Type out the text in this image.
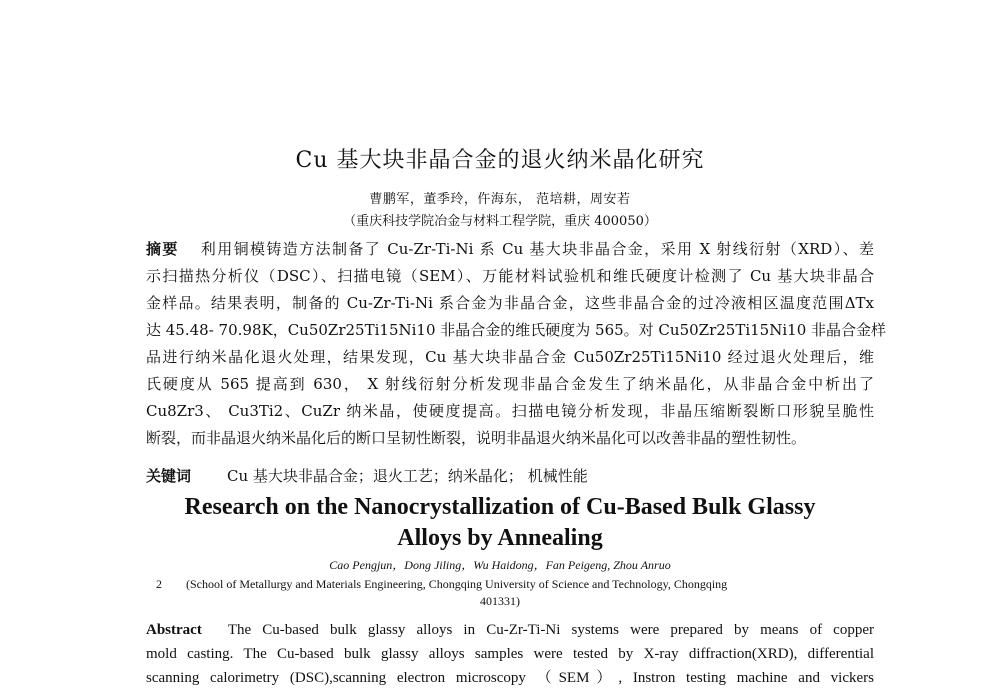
Cu 基大块非晶合金的退火纳米晶化研究
曹鹏军，董季玲，仵海东， 范培耕，周安若
（重庆科技学院冶金与材料工程学院，重庆 400050）
摘要 利用铜模铸造方法制备了 Cu-Zr-Ti-Ni 系 Cu 基大块非晶合金，采用 X 射线衍射（XRD）、差
示扫描热分析仪（DSC）、扫描电镜（SEM）、万能材料试验机和维氏硬度计检测了 Cu 基大块非晶合
金样品。结果表明，制备的 Cu-Zr-Ti-Ni 系合金为非晶合金，这些非晶合金的过冷液相区温度范围ΔTx
达 45.48- 70.98K，Cu50Zr25Ti15Ni10 非晶合金的维氏硬度为 565。对 Cu50Zr25Ti15Ni10 非晶合金样
品进行纳米晶化退火处理，结果发现，Cu 基大块非晶合金 Cu50Zr25Ti15Ni10 经过退火处理后，维
氏硬度从 565 提高到 630， X 射线衍射分析发现非晶合金发生了纳米晶化，从非晶合金中析出了
Cu8Zr3、 Cu3Ti2、CuZr 纳米晶，使硬度提高。扫描电镜分析发现，非晶压缩断裂断口形貌呈脆性
断裂，而非晶退火纳米晶化后的断口呈韧性断裂，说明非晶退火纳米晶化可以改善非晶的塑性韧性。
关键词 Cu 基大块非晶合金；退火工艺；纳米晶化； 机械性能
Research on the Nanocrystallization of Cu-Based Bulk Glassy
Alloys by Annealing
Cao Pengjun，Dong Jiling，Wu Haidong，Fan Peigeng, Zhou Anruo
2	(School of Metallurgy and Materials Engineering, Chongqing University of Science and Technology, Chongqing
401331)
Abstract The Cu-based bulk glassy alloys in Cu-Zr-Ti-Ni systems were prepared by means of copper
mold casting. The Cu-based bulk glassy alloys samples were tested by X-ray diffraction(XRD), differential
scanning calorimetry (DSC),scanning electron microscopy （SEM）, Instron testing machine and vickers
